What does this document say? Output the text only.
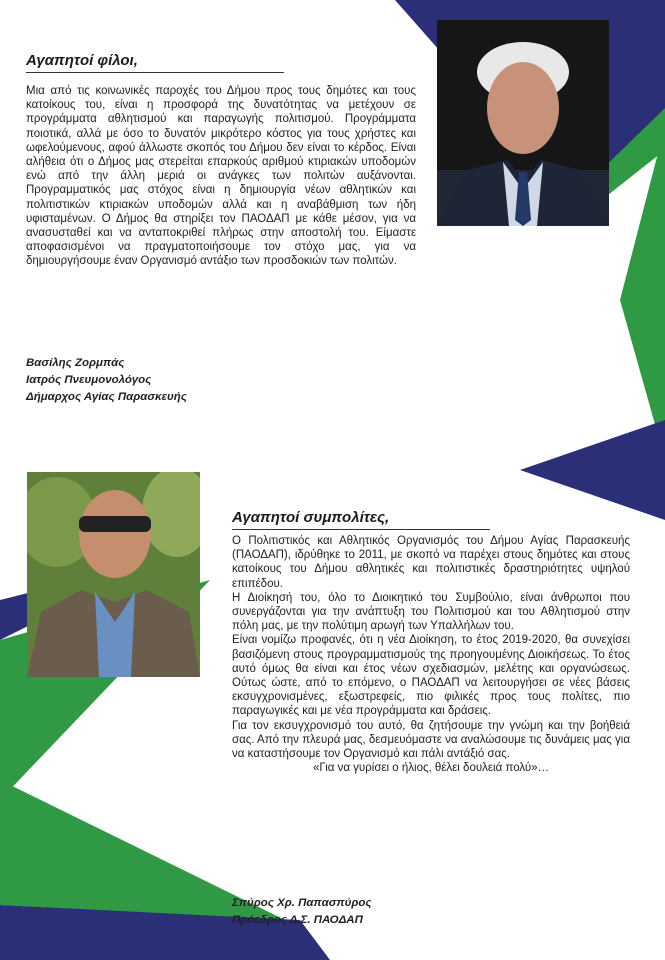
Αγαπητοί φίλοι,

Μια από τις κοινωνικές παροχές του Δήμου προς τους δημότες και τους κατοίκους του, είναι η προσφορά της δυνατότητας να μετέχουν σε προγράμματα αθλητισμού και παραγωγής πολιτισμού. Προγράμματα ποιοτικά, αλλά με όσο το δυνατόν μικρότερο κόστος για τους χρήστες και ωφελούμενους, αφού άλλωστε σκοπός του Δήμου δεν είναι το κέρδος. Είναι αλήθεια ότι ο Δήμος μας στερείται επαρκούς αριθμού κτιριακών υποδομών ενώ από την άλλη μεριά οι ανάγκες των πολιτών αυξάνονται. Προγραμματικός μας στόχος είναι η δημιουργία νέων αθλητικών και πολιτιστικών κτιριακών υποδομών αλλά και η αναβάθμιση των ήδη υφισταμένων. Ο Δήμος θα στηρίξει τον ΠΑΟΔΑΠ με κάθε μέσον, για να ανασυσταθεί και να ανταποκριθεί πλήρως στην αποστολή του. Είμαστε αποφασισμένοι να πραγματοποιήσουμε τον στόχο μας, για να δημιουργήσουμε έναν Οργανισμό αντάξιο των προσδοκιών των πολιτών.

Βασίλης Ζορμπάς
Ιατρός Πνευμονολόγος
Δήμαρχος Αγίας Παρασκευής
Αγαπητοί συμπολίτες,

Ο Πολιτιστικός και Αθλητικός Οργανισμός του Δήμου Αγίας Παρασκευής (ΠΑΟΔΑΠ), ιδρύθηκε το 2011, με σκοπό να παρέχει στους δημότες και στους κατοίκους του Δήμου αθλητικές και πολιτιστικές δραστηριότητες υψηλού επιπέδου.

Η Διοίκησή του, όλο το Διοικητικό του Συμβούλιο, είναι άνθρωποι που συνεργάζονται για την ανάπτυξη του Πολιτισμού και του Αθλητισμού στην πόλη μας, με την πολύτιμη αρωγή των Υπαλλήλων του.

Είναι νομίζω προφανές, ότι η νέα Διοίκηση, το έτος 2019-2020, θα συνεχίσει βασιζόμενη στους προγραμματισμούς της προηγουμένης Διοικήσεως. Το έτος αυτό όμως θα είναι και έτος νέων σχεδιασμών, μελέτης και οργανώσεως. Ούτως ώστε, από το επόμενο, ο ΠΑΟΔΑΠ να λειτουργήσει σε νέες βάσεις εκσυγχρονισμένες, εξωστρεφείς, πιο φιλικές προς τους πολίτες, πιο παραγωγικές και με νέα προγράμματα και δράσεις.

Για τον εκσυγχρονισμό του αυτό, θα ζητήσουμε την γνώμη και την βοήθειά σας. Από την πλευρά μας, δεσμευόμαστε να αναλώσουμε τις δυνάμεις μας για να καταστήσουμε τον Οργανισμό και πάλι αντάξιό σας.

«Για να γυρίσει ο ήλιος, θέλει δουλειά πολύ»…

Σπύρος Χρ. Παπασπύρος
Πρόεδρος Δ.Σ. ΠΑΟΔΑΠ
